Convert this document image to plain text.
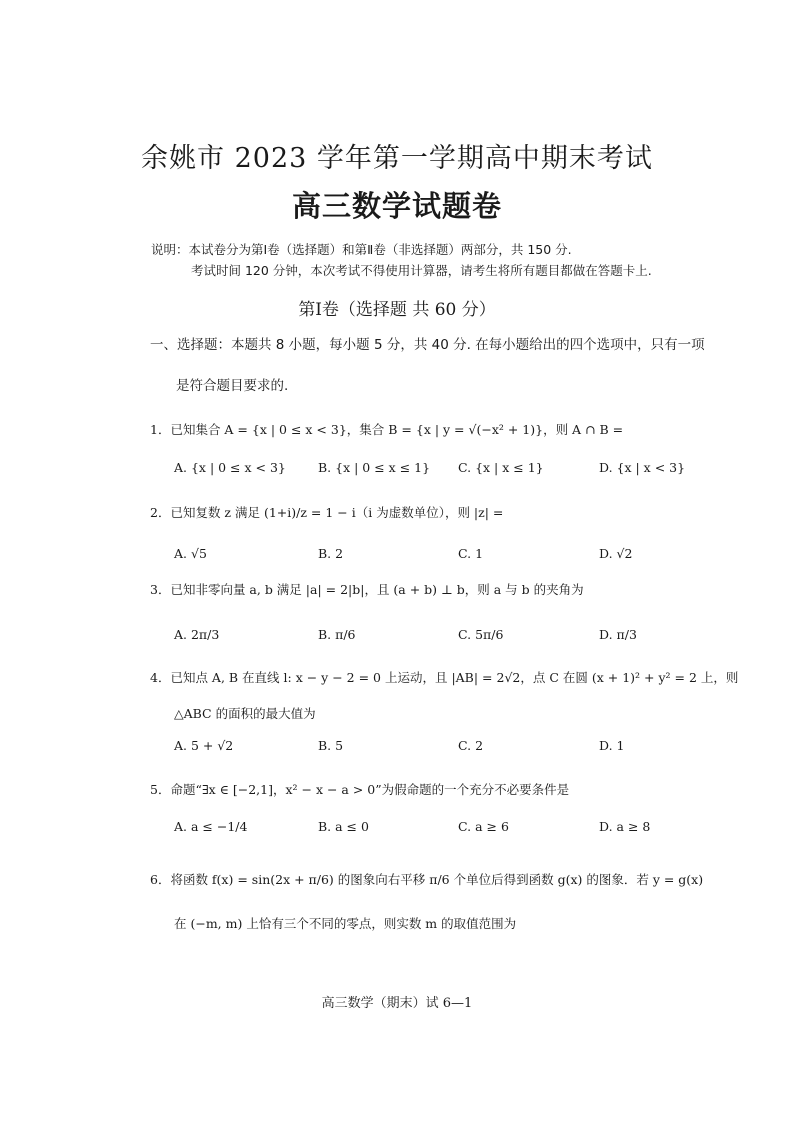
余姚市 2023 学年第一学期高中期末考试
高三数学试题卷
说明：本试卷分为第Ⅰ卷（选择题）和第Ⅱ卷（非选择题）两部分，共 150 分.
考试时间 120 分钟，本次考试不得使用计算器，请考生将所有题目都做在答题卡上.
第Ⅰ卷（选择题 共 60 分）
一、选择题：本题共 8 小题，每小题 5 分，共 40 分. 在每小题给出的四个选项中，只有一项
是符合题目要求的.
1．已知集合 A = {x | 0 ≤ x < 3}，集合 B = {x | y = √(−x² + 1)}，则 A ∩ B =
A. {x | 0 ≤ x < 3}	B. {x | 0 ≤ x ≤ 1} C. {x | x ≤ 1}	D. {x | x < 3}
2．已知复数 z 满足 (1+i)/z = 1 − i（i 为虚数单位），则 |z| =
A. √5	B. 2	C. 1	D. √2
3．已知非零向量 a, b 满足 |a| = 2|b|，且 (a + b) ⊥ b，则 a 与 b 的夹角为
A. 2π/3	B. π/6	C. 5π/6	D. π/3
4．已知点 A, B 在直线 l: x − y − 2 = 0 上运动，且 |AB| = 2√2，点 C 在圆 (x + 1)² + y² = 2 上，则
△ABC 的面积的最大值为
A. 5 + √2	B. 5	C. 2	D. 1
5．命题“∃x ∈ [−2,1]，x² − x − a > 0”为假命题的一个充分不必要条件是
A. a ≤ −1/4	B. a ≤ 0	C. a ≥ 6	D. a ≥ 8
6．将函数 f(x) = sin(2x + π/6) 的图象向右平移 π/6 个单位后得到函数 g(x) 的图象．若 y = g(x)
在 (−m, m) 上恰有三个不同的零点，则实数 m 的取值范围为
高三数学（期末）试 6—1
